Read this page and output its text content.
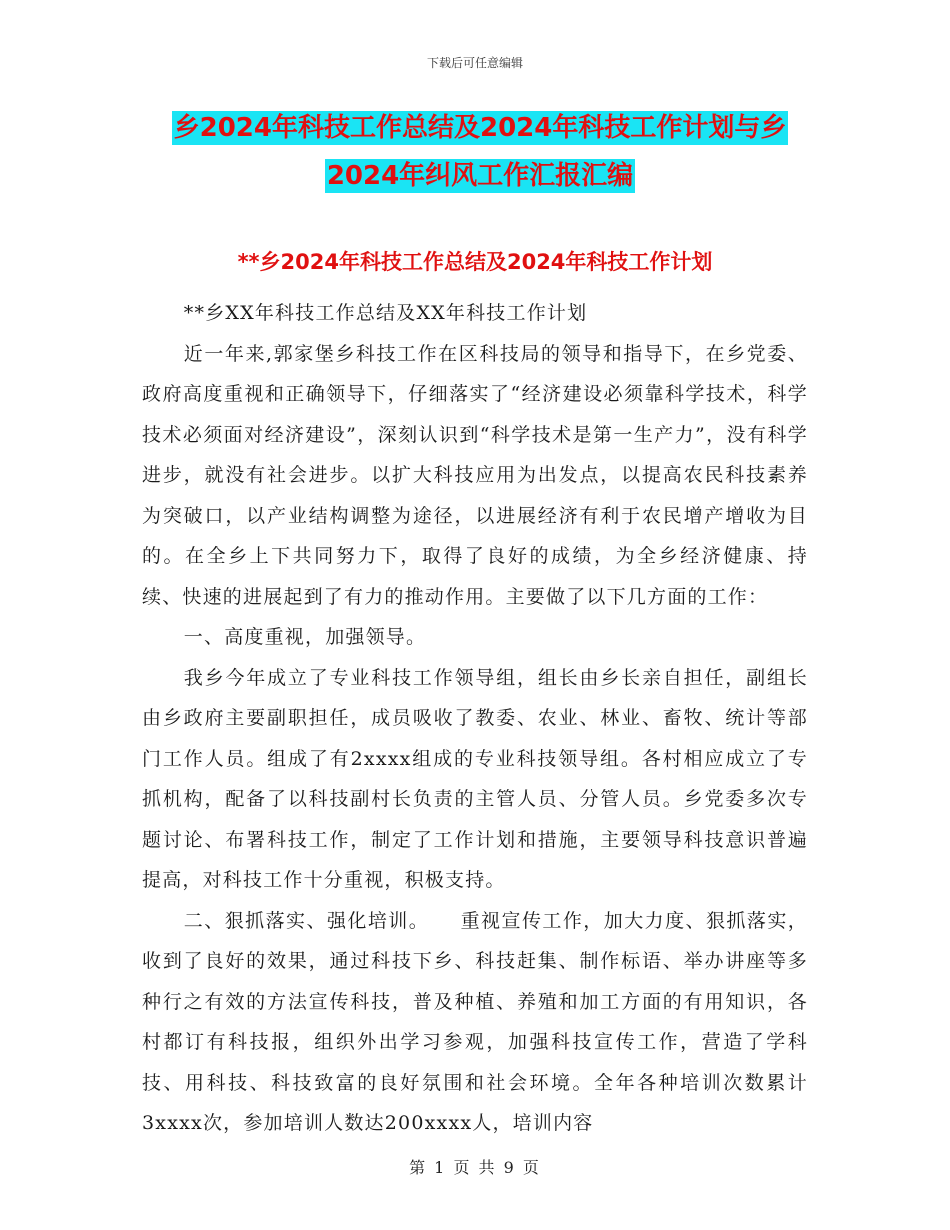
下载后可任意编辑
乡2024年科技工作总结及2024年科技工作计划与乡
2024年纠风工作汇报汇编
**乡2024年科技工作总结及2024年科技工作计划

**乡XX年科技工作总结及XX年科技工作计划

近一年来,郭家堡乡科技工作在区科技局的领导和指导下，在乡党委、政府高度重视和正确领导下，仔细落实了“经济建设必须靠科学技术，科学技术必须面对经济建设”，深刻认识到“科学技术是第一生产力”，没有科学进步，就没有社会进步。以扩大科技应用为出发点，以提高农民科技素养为突破口，以产业结构调整为途径，以进展经济有利于农民增产增收为目的。在全乡上下共同努力下，取得了良好的成绩，为全乡经济健康、持续、快速的进展起到了有力的推动作用。主要做了以下几方面的工作：

一、高度重视，加强领导。

我乡今年成立了专业科技工作领导组，组长由乡长亲自担任，副组长由乡政府主要副职担任，成员吸收了教委、农业、林业、畜牧、统计等部门工作人员。组成了有2xxxx组成的专业科技领导组。各村相应成立了专抓机构，配备了以科技副村长负责的主管人员、分管人员。乡党委多次专题讨论、布署科技工作，制定了工作计划和措施，主要领导科技意识普遍提高，对科技工作十分重视，积极支持。

二、狠抓落实、强化培训。　　重视宣传工作，加大力度、狠抓落实，收到了良好的效果，通过科技下乡、科技赶集、制作标语、举办讲座等多种行之有效的方法宣传科技，普及种植、养殖和加工方面的有用知识，各村都订有科技报，组织外出学习参观，加强科技宣传工作，营造了学科技、用科技、科技致富的良好氛围和社会环境。全年各种培训次数累计3xxxx次，参加培训人数达200xxxx人，培训内容

第 1 页 共 9 页
